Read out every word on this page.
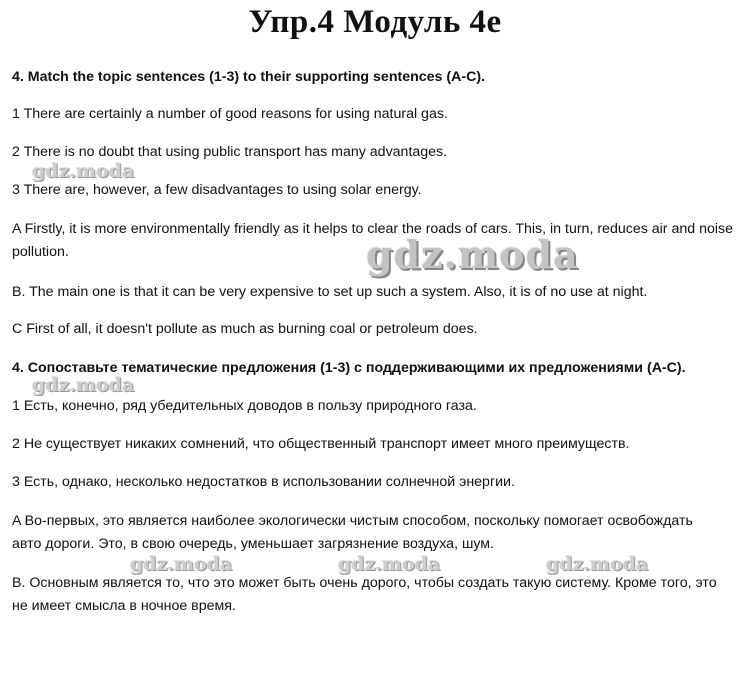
Упр.4 Модуль 4e
4. Match the topic sentences (1-3) to their supporting sentences (A-C).
1 There are certainly a number of good reasons for using natural gas.
2 There is no doubt that using public transport has many advantages.
3 There are, however, a few disadvantages to using solar energy.
A Firstly, it is more environmentally friendly as it helps to clear the roads of cars. This, in turn, reduces air and noise pollution.
B. The main one is that it can be very expensive to set up such a system. Also, it is of no use at night.
C First of all, it doesn't pollute as much as burning coal or petroleum does.
4. Сопоставьте тематические предложения (1-3) с поддерживающими их предложениями (A-C).
1 Есть, конечно, ряд убедительных доводов в пользу природного газа.
2 Не существует никаких сомнений, что общественный транспорт имеет много преимуществ.
3 Есть, однако, несколько недостатков в использовании солнечной энергии.
A Во-первых, это является наиболее экологически чистым способом, поскольку помогает освобождать авто дороги. Это, в свою очередь, уменьшает загрязнение воздуха, шум.
B. Основным является то, что это может быть очень дорого, чтобы создать такую систему. Кроме того, это не имеет смысла в ночное время.
gdz.moda
gdz.moda
gdz.moda
gdz.moda	gdz.moda	gdz.moda
